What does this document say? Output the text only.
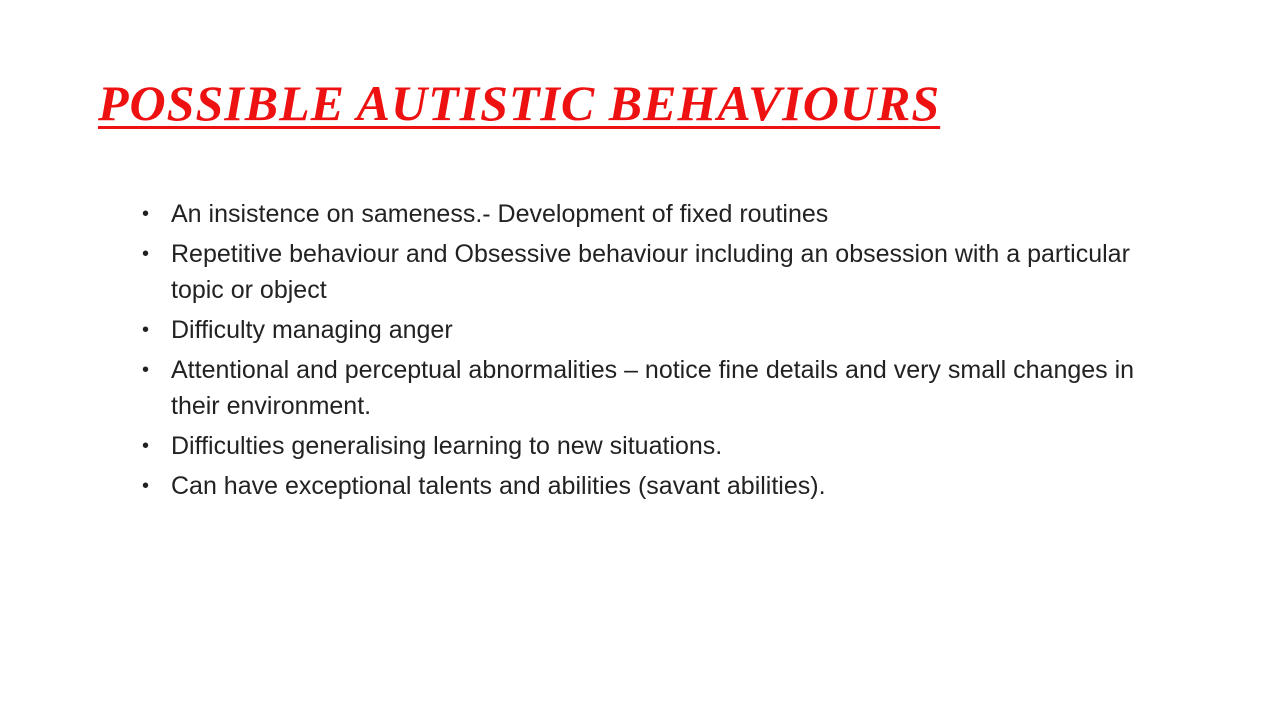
POSSIBLE AUTISTIC BEHAVIOURS
• An insistence on sameness.- Development of fixed routines
• Repetitive behaviour and Obsessive behaviour including an obsession with a particular topic or object
• Difficulty managing anger
• Attentional and perceptual abnormalities – notice fine details and very small changes in their environment.
• Difficulties generalising learning to new situations.
• Can have exceptional talents and abilities (savant abilities).
